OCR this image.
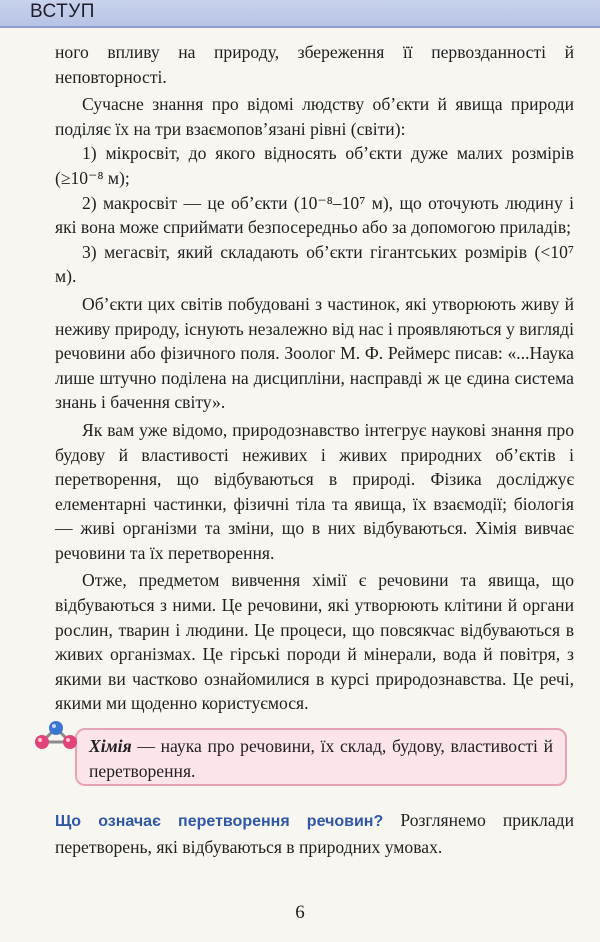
ВСТУП

ного впливу на природу, збереження її первозданності й неповторності.

Сучасне знання про відомі людству об’єкти й явища природи поділяє їх на три взаємопов’язані рівні (світи):

1) мікросвіт, до якого відносять об’єкти дуже малих розмірів (≥10⁻⁸ м);

2) макросвіт — це об’єкти (10⁻⁸–10⁷ м), що оточують людину і які вона може сприймати безпосередньо або за допомогою приладів;

3) мегасвіт, який складають об’єкти гігантських розмірів (<10⁷ м).

Об’єкти цих світів побудовані з частинок, які утворюють живу й неживу природу, існують незалежно від нас і проявляються у вигляді речовини або фізичного поля. Зоолог М. Ф. Реймерс писав: «...Наука лише штучно поділена на дисципліни, насправді ж це єдина система знань і бачення світу».

Як вам уже відомо, природознавство інтегрує наукові знання про будову й властивості неживих і живих природних об’єктів і перетворення, що відбуваються в природі. Фізика досліджує елементарні частинки, фізичні тіла та явища, їх взаємодії; біологія — живі організми та зміни, що в них відбуваються. Хімія вивчає речовини та їх перетворення.

Отже, предметом вивчення хімії є речовини та явища, що відбуваються з ними. Це речовини, які утворюють клітини й органи рослин, тварин і людини. Це процеси, що повсякчас відбуваються в живих організмах. Це гірські породи й мінерали, вода й повітря, з якими ви частково ознайомилися в курсі природознавства. Це речі, якими ми щоденно користуємося.

Хімія — наука про речовини, їх склад, будову, властивості й перетворення.

Що означає перетворення речовин? Розглянемо приклади перетворень, які відбуваються в природних умовах.

6
